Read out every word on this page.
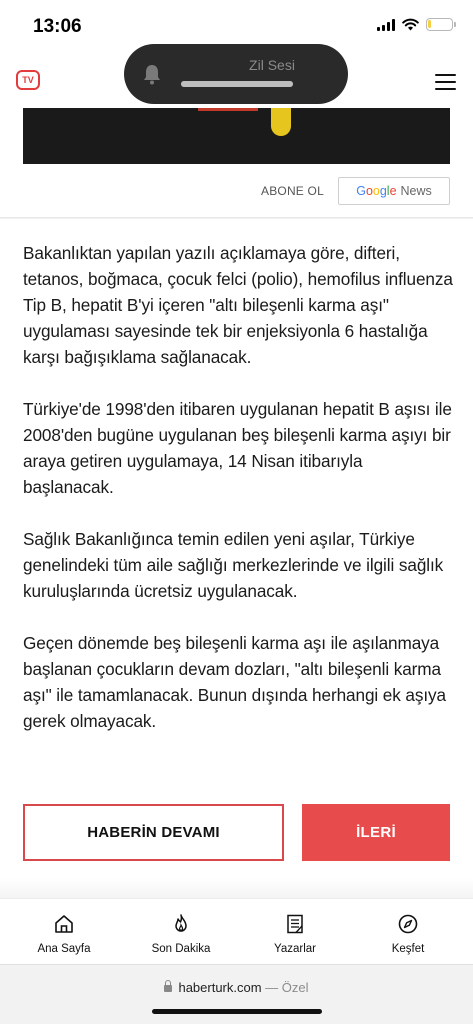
13:06
TV
Zil Sesi
ABONE OL	G o o g l e News

Bakanlıktan yapılan yazılı açıklamaya göre, difteri, tetanos, boğmaca, çocuk felci (polio), hemofilus influenza Tip B, hepatit B'yi içeren "altı bileşenli karma aşı" uygulaması sayesinde tek bir enjeksiyonla 6 hastalığa karşı bağışıklama sağlanacak.

Türkiye'de 1998'den itibaren uygulanan hepatit B aşısı ile 2008'den bugüne uygulanan beş bileşenli karma aşıyı bir araya getiren uygulamaya, 14 Nisan itibarıyla başlanacak.

Sağlık Bakanlığınca temin edilen yeni aşılar, Türkiye genelindeki tüm aile sağlığı merkezlerinde ve ilgili sağlık kuruluşlarında ücretsiz uygulanacak.

Geçen dönemde beş bileşenli karma aşı ile aşılanmaya başlanan çocukların devam dozları, "altı bileşenli karma aşı" ile tamamlanacak. Bunun dışında herhangi ek aşıya gerek olmayacak.

HABERİN DEVAMI	İLERİ
Ana Sayfa	Son Dakika	Yazarlar	Keşfet
haberturk.com — Özel
